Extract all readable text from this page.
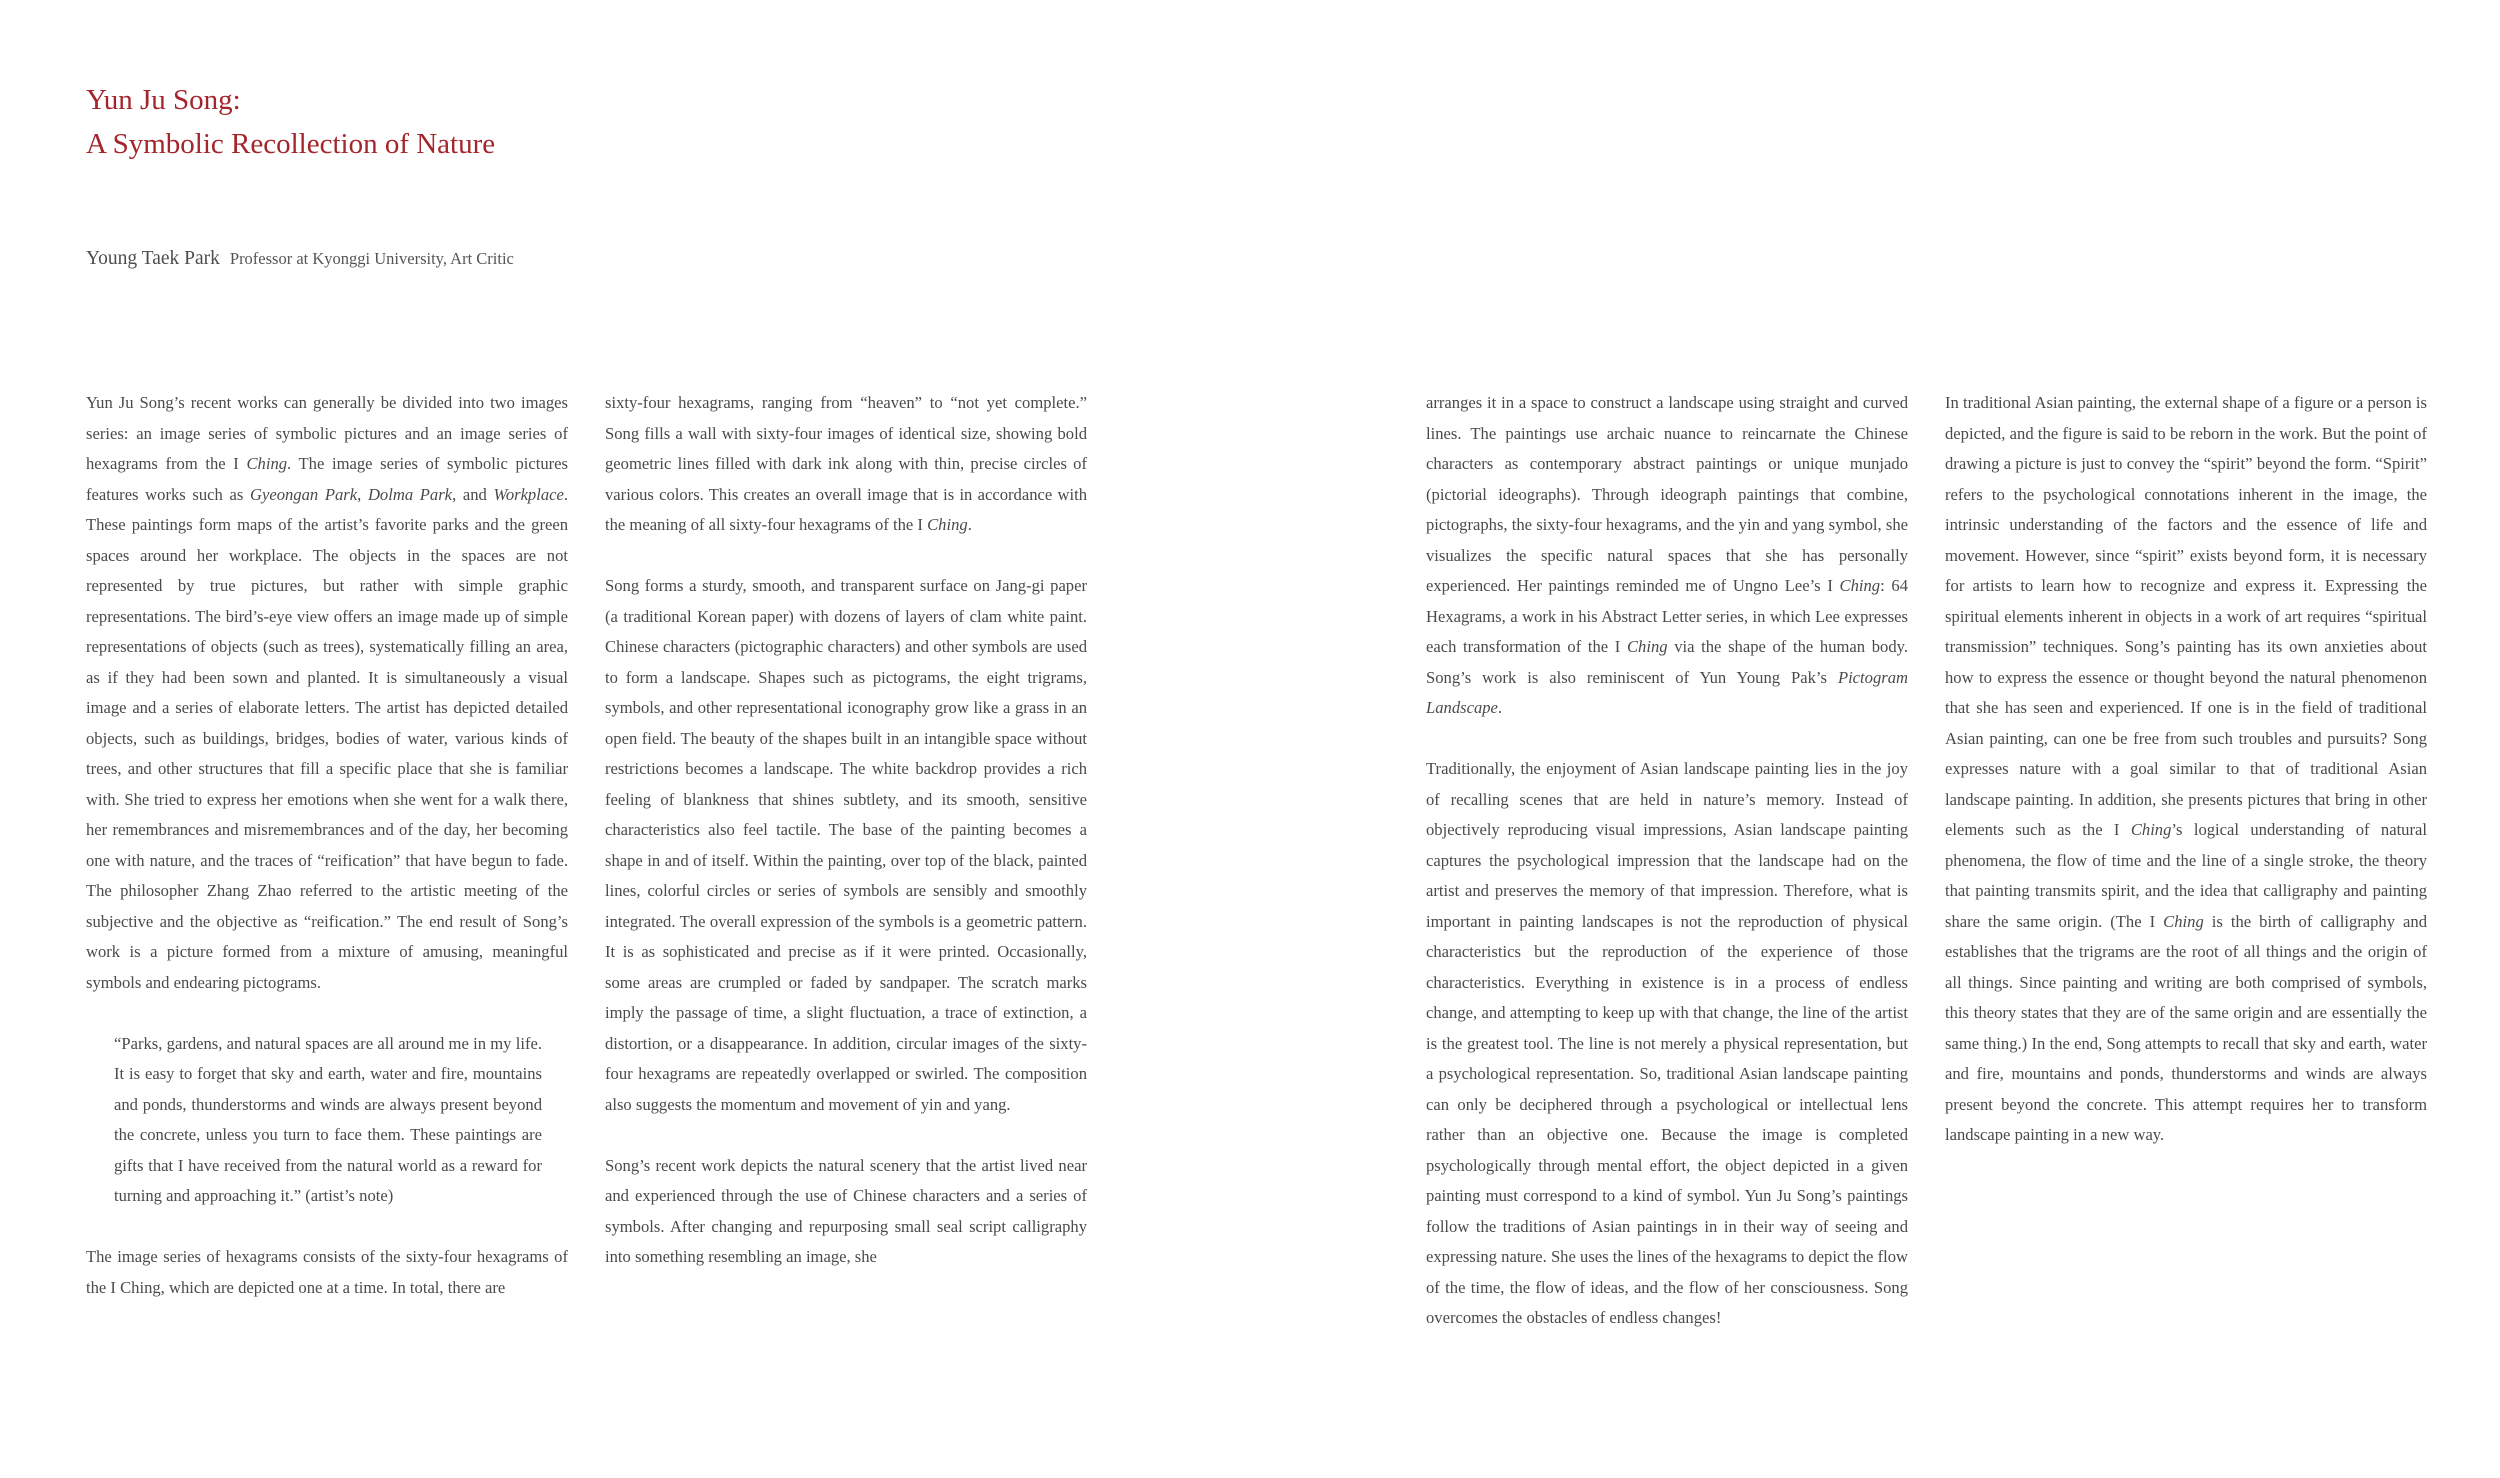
Yun Ju Song:
A Symbolic Recollection of Nature
Young Taek Park Professor at Kyonggi University, Art Critic

Yun Ju Song’s recent works can generally be divided into two images series: an image series of symbolic pictures and an image series of hexagrams from the I Ching. The image series of symbolic pictures features works such as Gyeongan Park, Dolma Park, and Workplace. These paintings form maps of the artist’s favorite parks and the green spaces around her workplace. The objects in the spaces are not represented by true pictures, but rather with simple graphic representations. The bird’s-eye view offers an image made up of simple representations of objects (such as trees), systematically filling an area, as if they had been sown and planted. It is simultaneously a visual image and a series of elaborate letters. The artist has depicted detailed objects, such as buildings, bridges, bodies of water, various kinds of trees, and other structures that fill a specific place that she is familiar with. She tried to express her emotions when she went for a walk there, her remembrances and misremembrances and of the day, her becoming one with nature, and the traces of “reification” that have begun to fade. The philosopher Zhang Zhao referred to the artistic meeting of the subjective and the objective as “reification.” The end result of Song’s work is a picture formed from a mixture of amusing, meaningful symbols and endearing pictograms.

“Parks, gardens, and natural spaces are all around me in my life. It is easy to forget that sky and earth, water and fire, mountains and ponds, thunderstorms and winds are always present beyond the concrete, unless you turn to face them. These paintings are gifts that I have received from the natural world as a reward for turning and approaching it.” (artist’s note)

The image series of hexagrams consists of the sixty-four hexagrams of the I Ching, which are depicted one at a time. In total, there are

sixty-four hexagrams, ranging from “heaven” to “not yet complete.” Song fills a wall with sixty-four images of identical size, showing bold geometric lines filled with dark ink along with thin, precise circles of various colors. This creates an overall image that is in accordance with the meaning of all sixty-four hexagrams of the I Ching.

Song forms a sturdy, smooth, and transparent surface on Jang-gi paper (a traditional Korean paper) with dozens of layers of clam white paint. Chinese characters (pictographic characters) and other symbols are used to form a landscape. Shapes such as pictograms, the eight trigrams, symbols, and other representational iconography grow like a grass in an open field. The beauty of the shapes built in an intangible space without restrictions becomes a landscape. The white backdrop provides a rich feeling of blankness that shines subtlety, and its smooth, sensitive characteristics also feel tactile. The base of the painting becomes a shape in and of itself. Within the painting, over top of the black, painted lines, colorful circles or series of symbols are sensibly and smoothly integrated. The overall expression of the symbols is a geometric pattern. It is as sophisticated and precise as if it were printed. Occasionally, some areas are crumpled or faded by sandpaper. The scratch marks imply the passage of time, a slight fluctuation, a trace of extinction, a distortion, or a disappearance. In addition, circular images of the sixty-four hexagrams are repeatedly overlapped or swirled. The composition also suggests the momentum and movement of yin and yang.

Song’s recent work depicts the natural scenery that the artist lived near and experienced through the use of Chinese characters and a series of symbols. After changing and repurposing small seal script calligraphy into something resembling an image, she

arranges it in a space to construct a landscape using straight and curved lines. The paintings use archaic nuance to reincarnate the Chinese characters as contemporary abstract paintings or unique munjado (pictorial ideographs). Through ideograph paintings that combine, pictographs, the sixty-four hexagrams, and the yin and yang symbol, she visualizes the specific natural spaces that she has personally experienced. Her paintings reminded me of Ungno Lee’s I Ching: 64 Hexagrams, a work in his Abstract Letter series, in which Lee expresses each transformation of the I Ching via the shape of the human body. Song’s work is also reminiscent of Yun Young Pak’s Pictogram Landscape.

Traditionally, the enjoyment of Asian landscape painting lies in the joy of recalling scenes that are held in nature’s memory. Instead of objectively reproducing visual impressions, Asian landscape painting captures the psychological impression that the landscape had on the artist and preserves the memory of that impression. Therefore, what is important in painting landscapes is not the reproduction of physical characteristics but the reproduction of the experience of those characteristics. Everything in existence is in a process of endless change, and attempting to keep up with that change, the line of the artist is the greatest tool. The line is not merely a physical representation, but a psychological representation. So, traditional Asian landscape painting can only be deciphered through a psychological or intellectual lens rather than an objective one. Because the image is completed psychologically through mental effort, the object depicted in a given painting must correspond to a kind of symbol. Yun Ju Song’s paintings follow the traditions of Asian paintings in in their way of seeing and expressing nature. She uses the lines of the hexagrams to depict the flow of the time, the flow of ideas, and the flow of her consciousness. Song overcomes the obstacles of endless changes!

In traditional Asian painting, the external shape of a figure or a person is depicted, and the figure is said to be reborn in the work. But the point of drawing a picture is just to convey the “spirit” beyond the form. “Spirit” refers to the psychological connotations inherent in the image, the intrinsic understanding of the factors and the essence of life and movement. However, since “spirit” exists beyond form, it is necessary for artists to learn how to recognize and express it. Expressing the spiritual elements inherent in objects in a work of art requires “spiritual transmission” techniques. Song’s painting has its own anxieties about how to express the essence or thought beyond the natural phenomenon that she has seen and experienced. If one is in the field of traditional Asian painting, can one be free from such troubles and pursuits? Song expresses nature with a goal similar to that of traditional Asian landscape painting. In addition, she presents pictures that bring in other elements such as the I Ching’s logical understanding of natural phenomena, the flow of time and the line of a single stroke, the theory that painting transmits spirit, and the idea that calligraphy and painting share the same origin. (The I Ching is the birth of calligraphy and establishes that the trigrams are the root of all things and the origin of all things. Since painting and writing are both comprised of symbols, this theory states that they are of the same origin and are essentially the same thing.) In the end, Song attempts to recall that sky and earth, water and fire, mountains and ponds, thunderstorms and winds are always present beyond the concrete. This attempt requires her to transform landscape painting in a new way.
